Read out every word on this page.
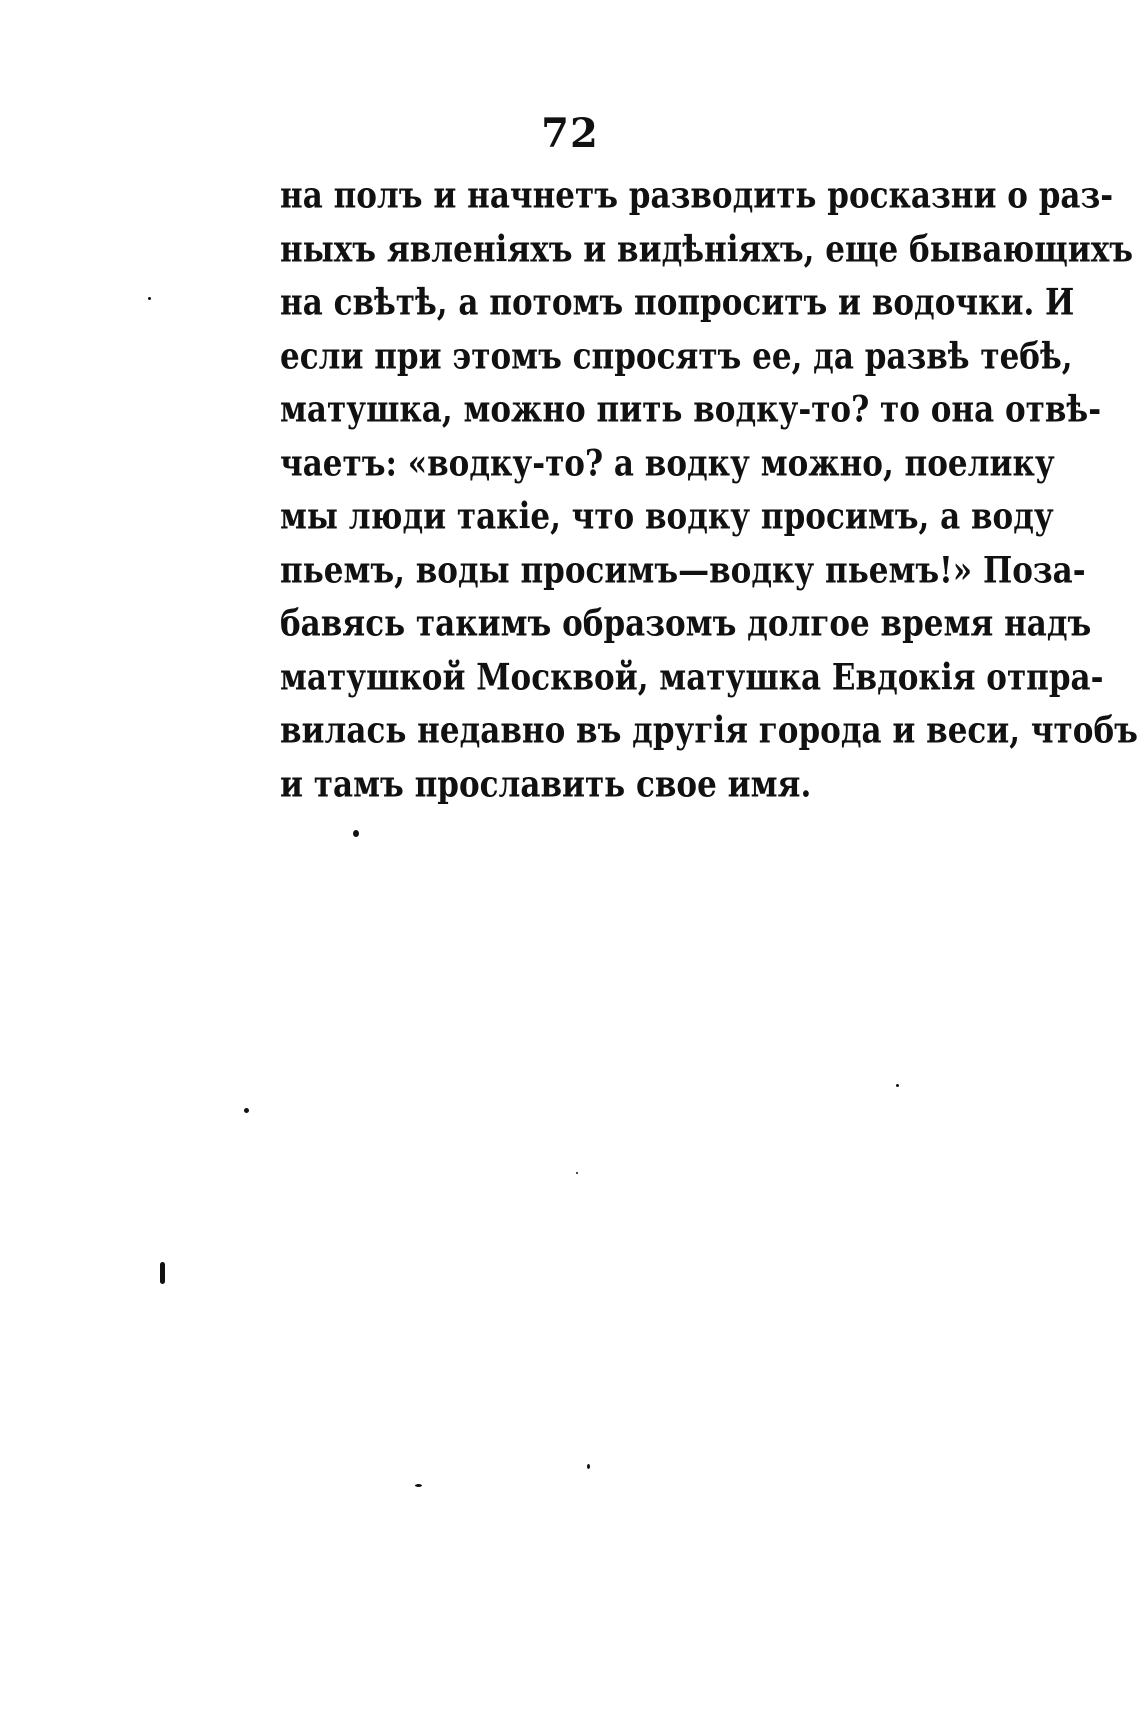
72
на полъ и начнетъ разводить росказни о раз-
ныхъ явленiяхъ и видѣнiяхъ, еще бывающихъ
на свѣтѣ, а потомъ попроситъ и водочки. И
если при этомъ спросятъ ее, да развѣ тебѣ,
матушка, можно пить водку-то? то она отвѣ-
чаетъ: «водку-то? а водку можно, поелику
мы люди такiе, что водку просимъ, а воду
пьемъ, воды просимъ—водку пьемъ!» Поза-
бавясь такимъ образомъ долгое время надъ
матушкой Москвой, матушка Евдокiя отпра-
вилась недавно въ другiя города и веси, чтобъ
и тамъ прославить свое имя.
